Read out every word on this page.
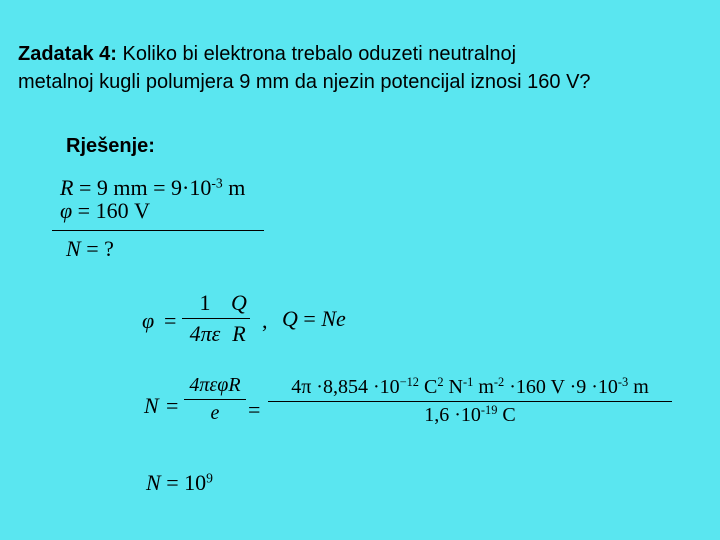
Zadatak 4: Koliko bi elektrona trebalo oduzeti neutralnoj
metalnoj kugli polumjera 9 mm da njezin potencijal iznosi 160 V?
Rješenje:
R = 9 mm = $9\cdot 10^{-3}$ m
φ = 160 V
N = ?
φ =
1
4πε
Q
R
, Q = Ne
N =
4πεφR
e =
$4\pi \cdot 8,854 \cdot 10^{-12}$ $C^2$ $N^{-1}$ $m^{-2} \cdot 160$ $V \cdot 9 \cdot 10^{-3}$ m
$1,6 \cdot 10^{-19}$ C
$N = 10^9$
